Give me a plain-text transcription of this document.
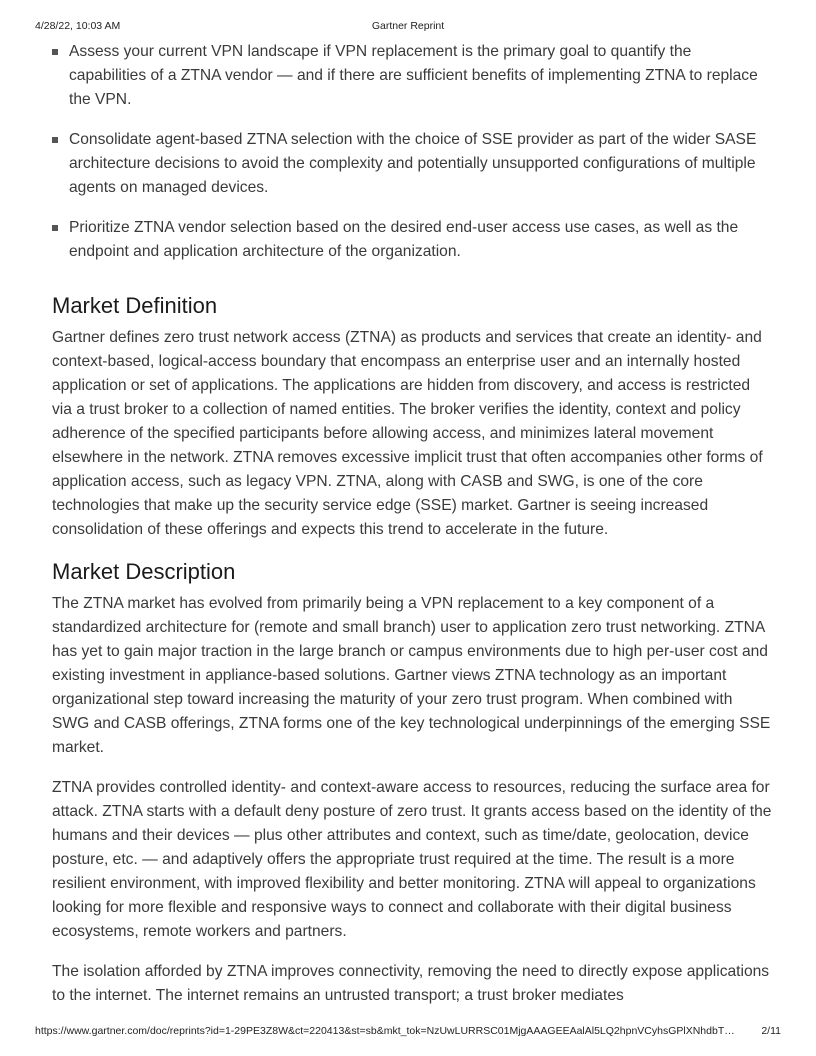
4/28/22, 10:03 AM	Gartner Reprint
Assess your current VPN landscape if VPN replacement is the primary goal to quantify the capabilities of a ZTNA vendor — and if there are sufficient benefits of implementing ZTNA to replace the VPN.
Consolidate agent-based ZTNA selection with the choice of SSE provider as part of the wider SASE architecture decisions to avoid the complexity and potentially unsupported configurations of multiple agents on managed devices.
Prioritize ZTNA vendor selection based on the desired end-user access use cases, as well as the endpoint and application architecture of the organization.
Market Definition

Gartner defines zero trust network access (ZTNA) as products and services that create an identity- and context-based, logical-access boundary that encompass an enterprise user and an internally hosted application or set of applications. The applications are hidden from discovery, and access is restricted via a trust broker to a collection of named entities. The broker verifies the identity, context and policy adherence of the specified participants before allowing access, and minimizes lateral movement elsewhere in the network. ZTNA removes excessive implicit trust that often accompanies other forms of application access, such as legacy VPN. ZTNA, along with CASB and SWG, is one of the core technologies that make up the security service edge (SSE) market. Gartner is seeing increased consolidation of these offerings and expects this trend to accelerate in the future.

Market Description

The ZTNA market has evolved from primarily being a VPN replacement to a key component of a standardized architecture for (remote and small branch) user to application zero trust networking. ZTNA has yet to gain major traction in the large branch or campus environments due to high per-user cost and existing investment in appliance-based solutions. Gartner views ZTNA technology as an important organizational step toward increasing the maturity of your zero trust program. When combined with SWG and CASB offerings, ZTNA forms one of the key technological underpinnings of the emerging SSE market.

ZTNA provides controlled identity- and context-aware access to resources, reducing the surface area for attack. ZTNA starts with a default deny posture of zero trust. It grants access based on the identity of the humans and their devices — plus other attributes and context, such as time/date, geolocation, device posture, etc. — and adaptively offers the appropriate trust required at the time. The result is a more resilient environment, with improved flexibility and better monitoring. ZTNA will appeal to organizations looking for more flexible and responsive ways to connect and collaborate with their digital business ecosystems, remote workers and partners.

The isolation afforded by ZTNA improves connectivity, removing the need to directly expose applications to the internet. The internet remains an untrusted transport; a trust broker mediates

https://www.gartner.com/doc/reprints?id=1-29PE3Z8W&ct=220413&st=sb&mkt_tok=NzUwLURRSC01MjgAAAGEEAalAl5LQ2hpnVCyhsGPlXNhdbT…	2/11
